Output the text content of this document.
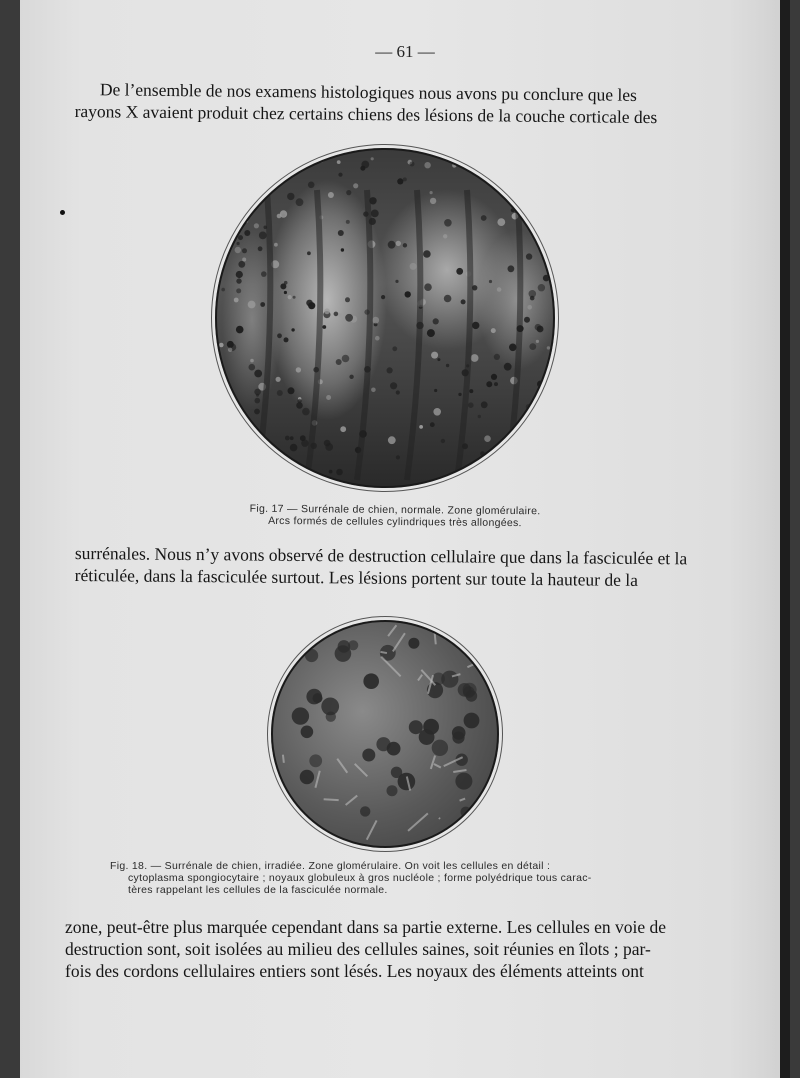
— 61 —

De l’ensemble de nos examens histologiques nous avons pu conclure que les

rayons X avaient produit chez certains chiens des lésions de la couche corticale des

Fig. 17 — Surrénale de chien, normale. Zone glomérulaire.
Arcs formés de cellules cylindriques très allongées.

surrénales. Nous n’y avons observé de destruction cellulaire que dans la fasciculée et la

réticulée, dans la fasciculée surtout. Les lésions portent sur toute la hauteur de la

Fig. 18. — Surrénale de chien, irradiée. Zone glomérulaire. On voit les cellules en détail :
cytoplasma spongiocytaire ; noyaux globuleux à gros nucléole ; forme polyédrique tous carac-
tères rappelant les cellules de la fasciculée normale.

zone, peut-être plus marquée cependant dans sa partie externe. Les cellules en voie de

destruction sont, soit isolées au milieu des cellules saines, soit réunies en îlots ; par-

fois des cordons cellulaires entiers sont lésés. Les noyaux des éléments atteints ont
